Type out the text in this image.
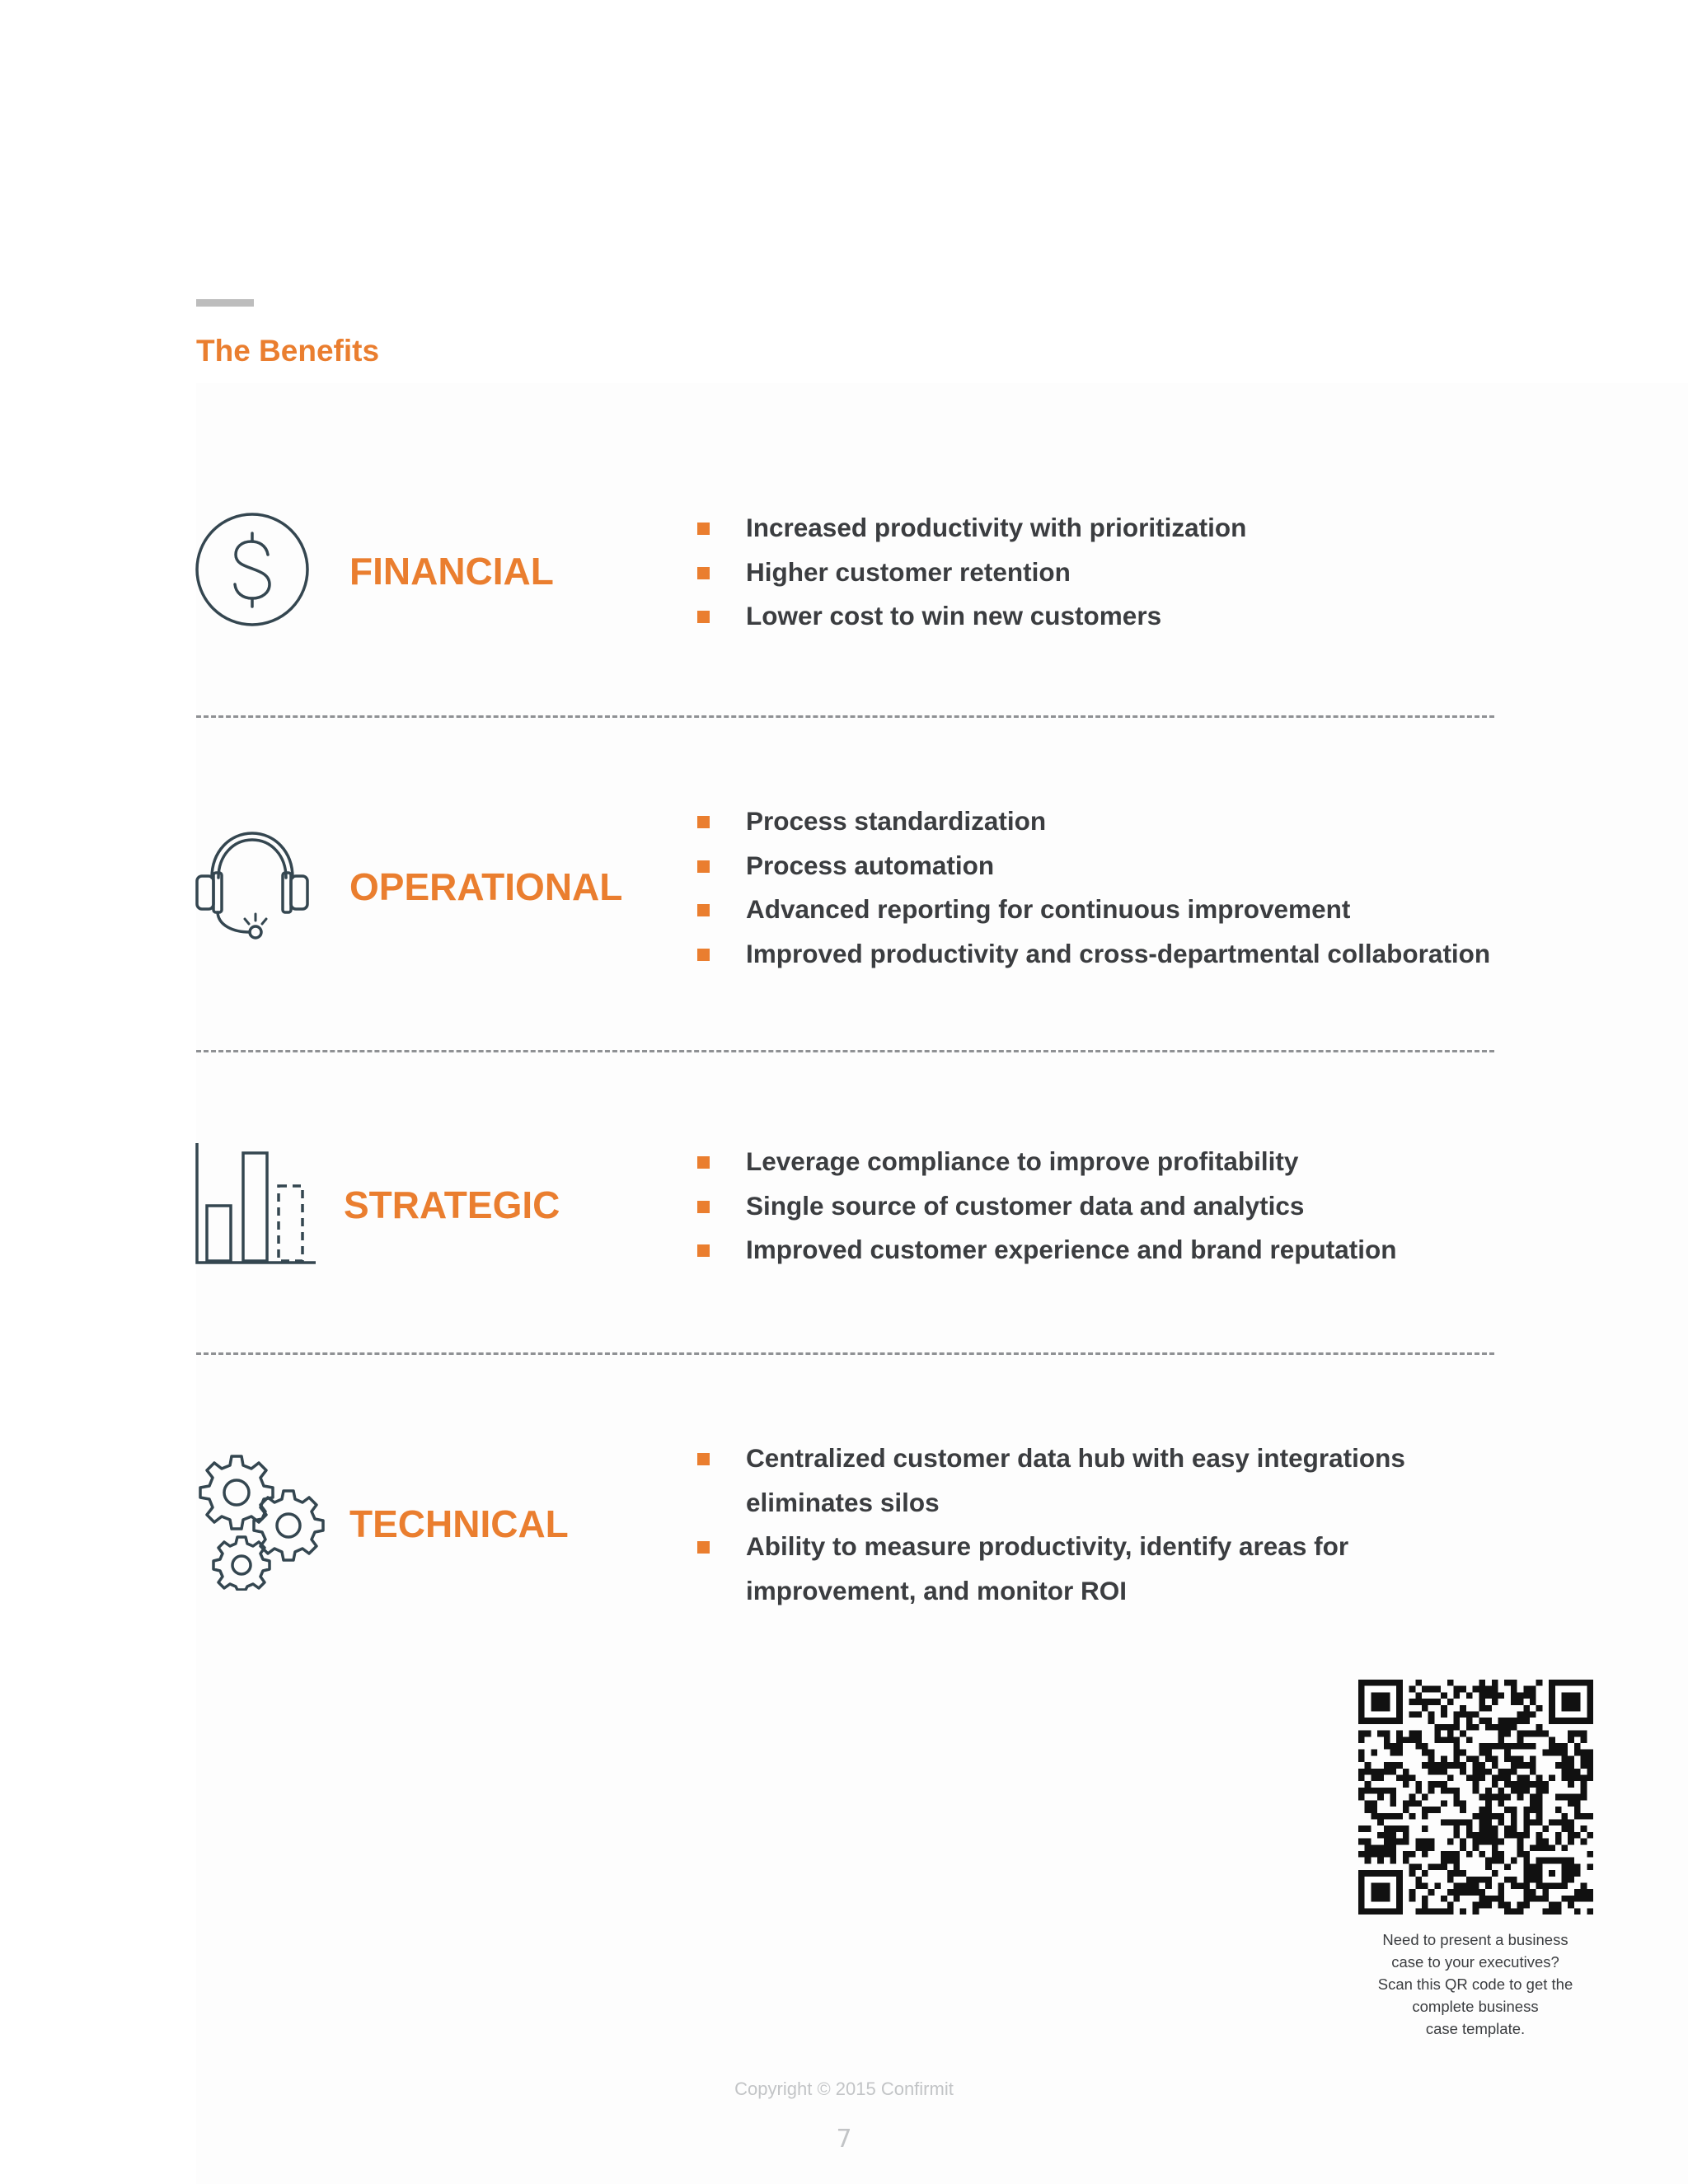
The Benefits
FINANCIAL
Increased productivity with prioritization
Higher customer retention
Lower cost to win new customers
OPERATIONAL
Process standardization
Process automation
Advanced reporting for continuous improvement
Improved productivity and cross-departmental collaboration
STRATEGIC
Leverage compliance to improve profitability
Single source of customer data and analytics
Improved customer experience and brand reputation
TECHNICAL
Centralized customer data hub with easy integrations eliminates silos
Ability to measure productivity, identify areas for improvement, and monitor ROI
Need to present a business
case to your executives?
Scan this QR code to get the
complete business
case template.
Copyright © 2015 Confirmit
7
